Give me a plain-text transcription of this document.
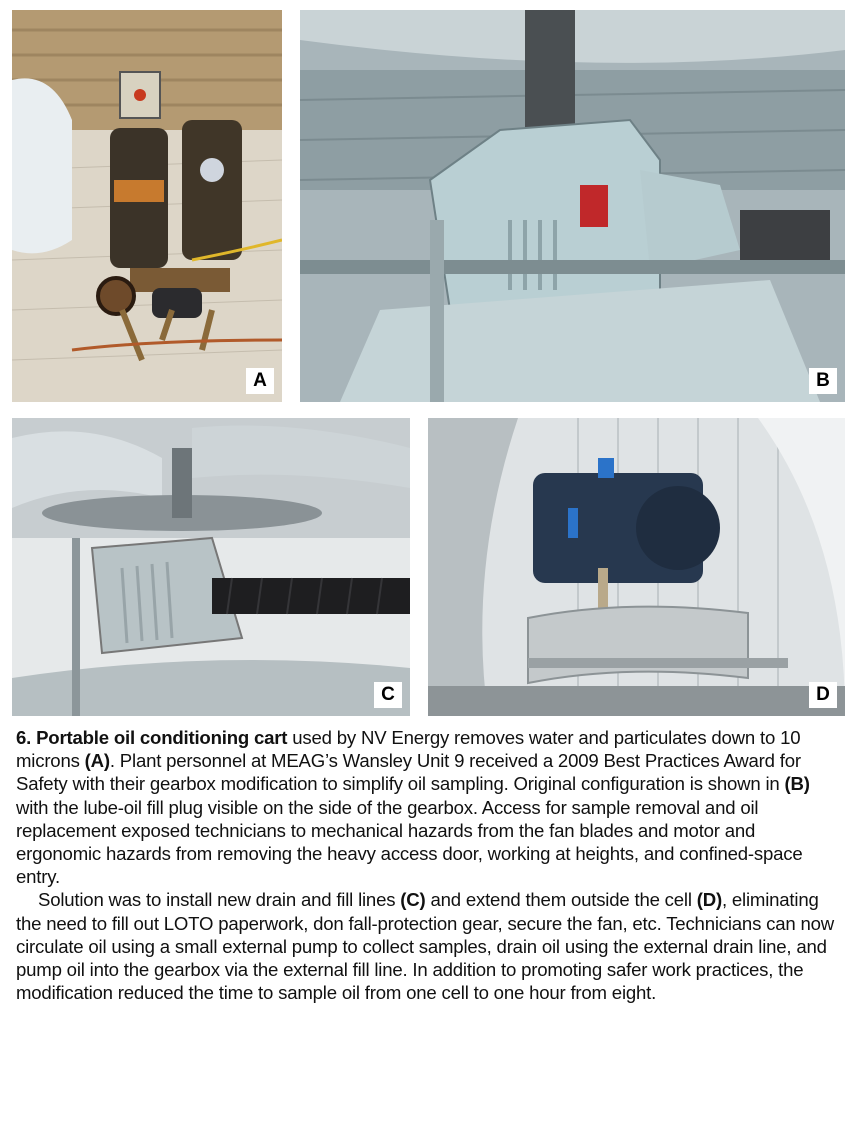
A	B
C	D

6. Portable oil conditioning cart used by NV Energy removes water and particulates down to 10 microns (A). Plant personnel at MEAG’s Wansley Unit 9 received a 2009 Best Practices Award for Safety with their gearbox modification to simplify oil sampling. Original configuration is shown in (B) with the lube-oil fill plug visible on the side of the gearbox. Access for sample removal and oil replacement exposed technicians to mechanical hazards from the fan blades and motor and ergonomic hazards from removing the heavy access door, working at heights, and confined-space entry.

Solution was to install new drain and fill lines (C) and extend them outside the cell (D), eliminating the need to fill out LOTO paperwork, don fall-protection gear, secure the fan, etc. Technicians can now circulate oil using a small external pump to collect samples, drain oil using the external drain line, and pump oil into the gearbox via the external fill line. In addition to promoting safer work practices, the modification reduced the time to sample oil from one cell to one hour from eight.
